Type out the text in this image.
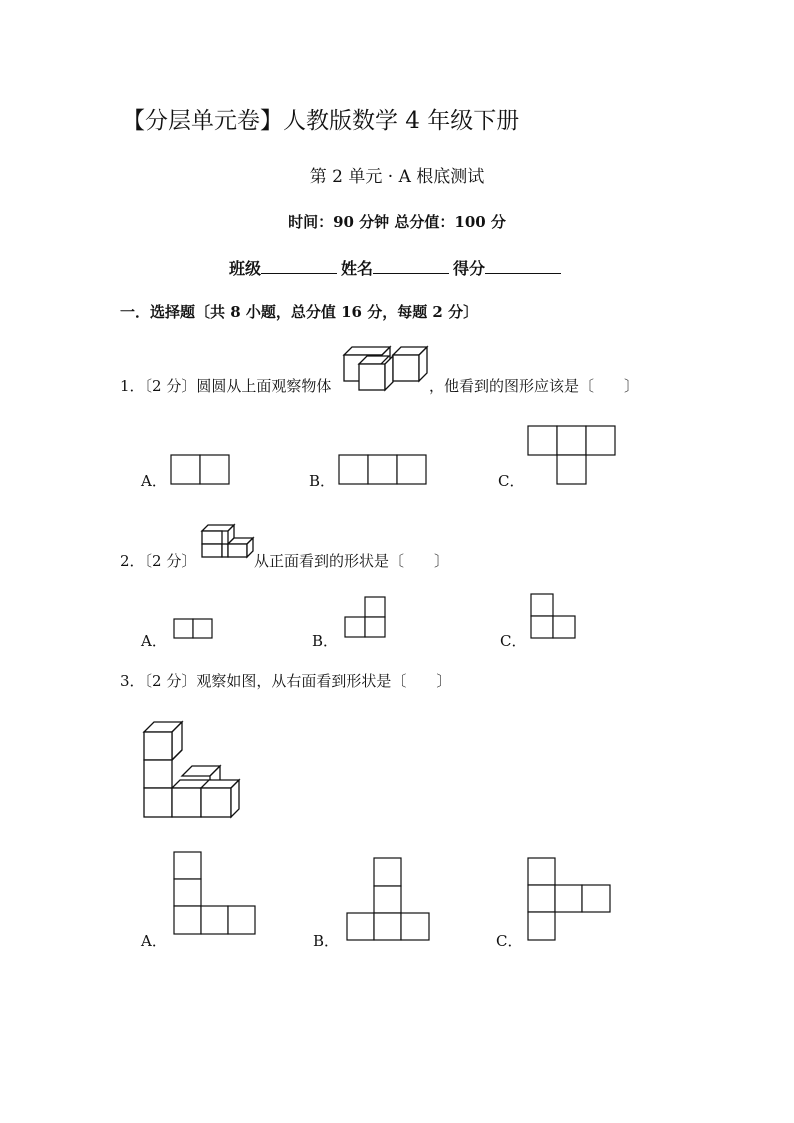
【分层单元卷】人教版数学 4 年级下册
第 2 单元 · A 根底测试
时间：90 分钟 总分值：100 分
班级	姓名	得分
一．选择题〔共 8 小题，总分值 16 分，每题 2 分〕
1．〔2 分〕圆圆从上面观察物体	，他看到的图形应该是〔　　〕
A．	B．	C．
2．〔2 分〕	从正面看到的形状是〔　　〕
A．	B．	C．
3．〔2 分〕观察如图，从右面看到形状是〔　　〕
A．	B．	C．
